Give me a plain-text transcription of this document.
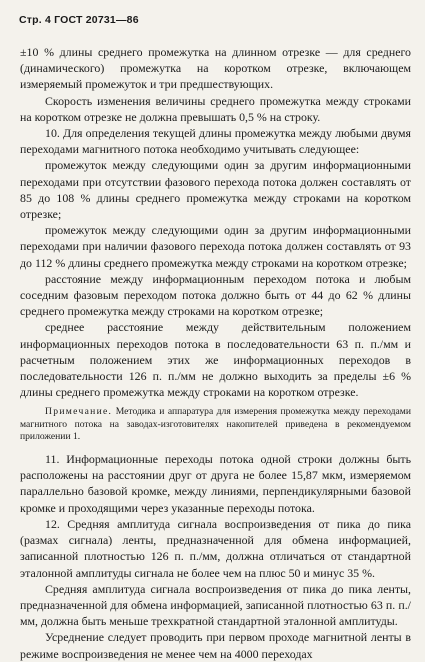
Стр. 4 ГОСТ 20731—86

±10 % длины среднего промежутка на длинном отрезке — для среднего (динамического) промежутка на коротком отрезке, включающем измеряемый промежуток и три предшествующих.

Скорость изменения величины среднего промежутка между строками на коротком отрезке не должна превышать 0,5 % на строку.

10. Для определения текущей длины промежутка между любыми двумя переходами магнитного потока необходимо учитывать следующее:

промежуток между следующими один за другим информационными переходами при отсутствии фазового перехода потока должен составлять от 85 до 108 % длины среднего промежутка между строками на коротком отрезке;

промежуток между следующими один за другим информационными переходами при наличии фазового перехода потока должен составлять от 93 до 112 % длины среднего промежутка между строками на коротком отрезке;

расстояние между информационным переходом потока и любым соседним фазовым переходом потока должно быть от 44 до 62 % длины среднего промежутка между строками на коротком отрезке;

среднее расстояние между действительным положением информационных переходов потока в последовательности 63 п. п./мм и расчетным положением этих же информационных переходов в последовательности 126 п. п./мм не должно выходить за пределы ±6 % длины среднего промежутка между строками на коротком отрезке.

Примечание. Методика и аппаратура для измерения промежутка между переходами магнитного потока на заводах-изготовителях накопителей приведена в рекомендуемом приложении 1.

11. Информационные переходы потока одной строки должны быть расположены на расстоянии друг от друга не более 15,87 мкм, измеряемом параллельно базовой кромке, между линиями, перпендикулярными базовой кромке и проходящими через указанные переходы потока.

12. Средняя амплитуда сигнала воспроизведения от пика до пика (размах сигнала) ленты, предназначенной для обмена информацией, записанной плотностью 126 п. п./мм, должна отличаться от стандартной эталонной амплитуды сигнала не более чем на плюс 50 и минус 35 %.

Средняя амплитуда сигнала воспроизведения от пика до пика ленты, предназначенной для обмена информацией, записанной плотностью 63 п. п./мм, должна быть меньше трехкратной стандартной эталонной амплитуды.

Усреднение следует проводить при первом проходе магнитной ленты в режиме воспроизведения не менее чем на 4000 переходах
